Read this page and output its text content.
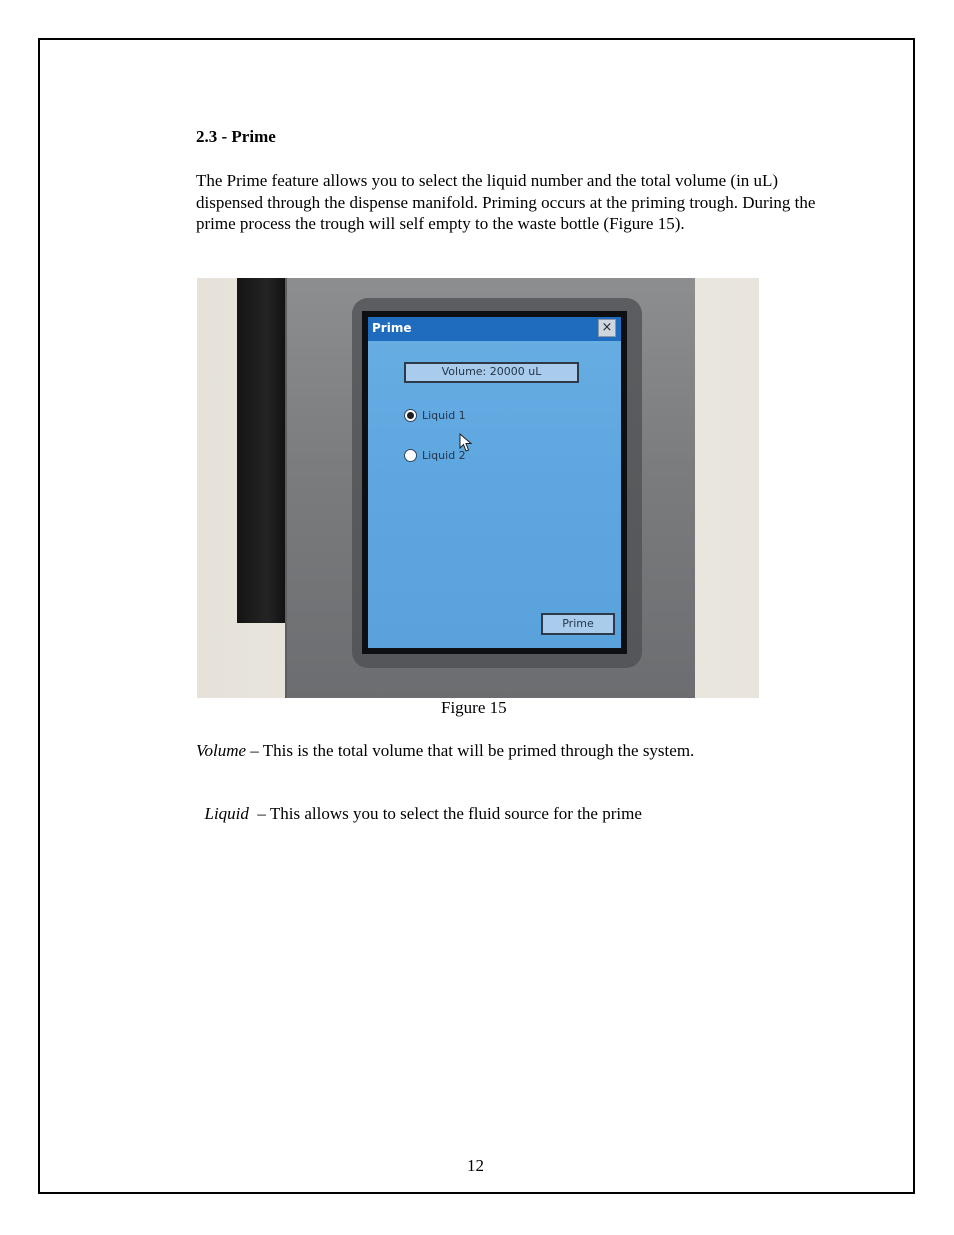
2.3 - Prime
The Prime feature allows you to select the liquid number and the total volume (in uL) dispensed through the dispense manifold. Priming occurs at the priming trough. During the prime process the trough will self empty to the waste bottle (Figure 15).
Prime	×
Volume: 20000 uL
Liquid 1
Liquid 2
Prime
Figure 15
Volume – This is the total volume that will be primed through the system.

Liquid  – This allows you to select the fluid source for the prime

12
